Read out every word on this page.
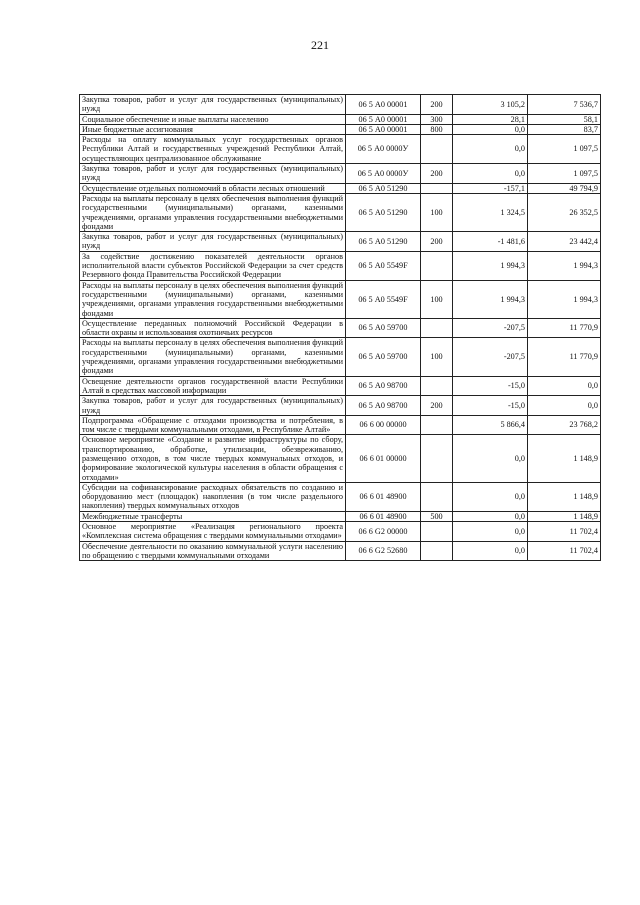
221
Закупка товаров, работ и услуг для государственных (муниципальных) нужд	06 5 А0 00001	200	3 105,2	7 536,7
Социальное обеспечение и иные выплаты населению	06 5 А0 00001	300	28,1	58,1
Иные бюджетные ассигнования	06 5 А0 00001	800	0,0	83,7
Расходы на оплату коммунальных услуг государственных органов Республики Алтай и государственных учреждений Республики Алтай, осуществляющих централизованное обслуживание	06 5 А0 0000У		0,0	1 097,5
Закупка товаров, работ и услуг для государственных (муниципальных) нужд	06 5 А0 0000У	200	0,0	1 097,5
Осуществление отдельных полномочий в области лесных отношений	06 5 А0 51290		-157,1	49 794,9
Расходы на выплаты персоналу в целях обеспечения выполнения функций государственными (муниципальными) органами, казенными учреждениями, органами управления государственными внебюджетными фондами	06 5 А0 51290	100	1 324,5	26 352,5
Закупка товаров, работ и услуг для государственных (муниципальных) нужд	06 5 А0 51290	200	-1 481,6	23 442,4
За содействие достижению показателей деятельности органов исполнительной власти субъектов Российской Федерации за счет средств Резервного фонда Правительства Российской Федерации	06 5 А0 5549F		1 994,3	1 994,3
Расходы на выплаты персоналу в целях обеспечения выполнения функций государственными (муниципальными) органами, казенными учреждениями, органами управления государственными внебюджетными фондами	06 5 А0 5549F	100	1 994,3	1 994,3
Осуществление переданных полномочий Российской Федерации в области охраны и использования охотничьих ресурсов	06 5 А0 59700		-207,5	11 770,9
Расходы на выплаты персоналу в целях обеспечения выполнения функций государственными (муниципальными) органами, казенными учреждениями, органами управления государственными внебюджетными фондами	06 5 А0 59700	100	-207,5	11 770,9
Освещение деятельности органов государственной власти Республики Алтай в средствах массовой информации	06 5 А0 98700		-15,0	0,0
Закупка товаров, работ и услуг для государственных (муниципальных) нужд	06 5 А0 98700	200	-15,0	0,0
Подпрограмма «Обращение с отходами производства и потребления, в том числе с твердыми коммунальными отходами, в Республике Алтай»	06 6 00 00000		5 866,4	23 768,2
Основное мероприятие «Создание и развитие инфраструктуры по сбору, транспортированию, обработке, утилизации, обезвреживанию, размещению отходов, в том числе твердых коммунальных отходов, и формирование экологической культуры населения в области обращения с отходами»	06 6 01 00000		0,0	1 148,9
Субсидии на софинансирование расходных обязательств по созданию и оборудованию мест (площадок) накопления (в том числе раздельного накопления) твердых коммунальных отходов	06 6 01 48900		0,0	1 148,9
Межбюджетные трансферты	06 6 01 48900	500	0,0	1 148,9
Основное мероприятие «Реализация регионального проекта «Комплексная система обращения с твердыми коммунальными отходами»	06 6 G2 00000		0,0	11 702,4
Обеспечение деятельности по оказанию коммунальной услуги населению по обращению с твердыми коммунальными отходами	06 6 G2 52680		0,0	11 702,4
